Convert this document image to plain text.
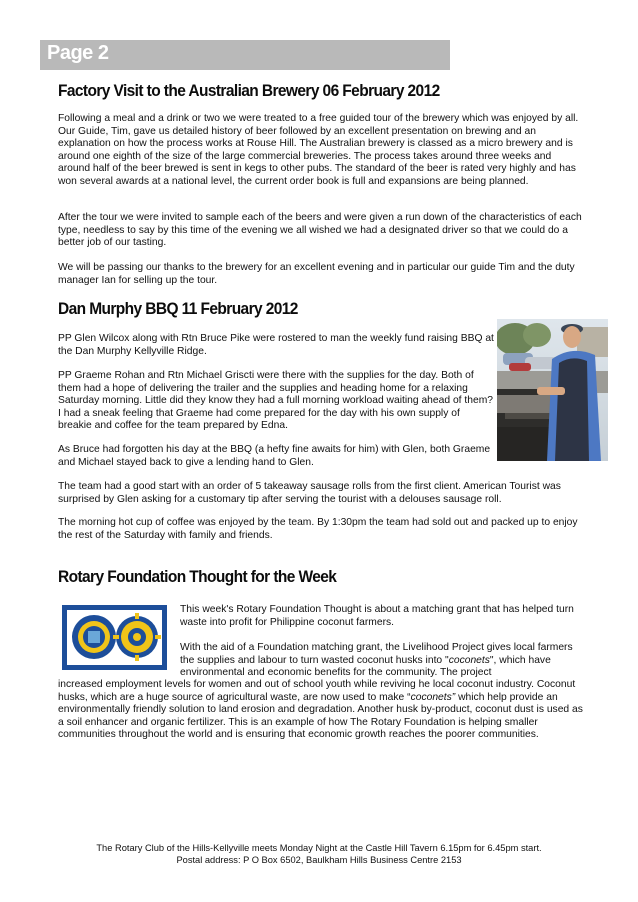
Page 2
Factory Visit to the Australian Brewery 06 February 2012

Following a meal and a drink or two we were treated to a free guided tour of the brewery which was enjoyed by all. Our Guide, Tim, gave us detailed history of beer followed by an excellent presentation on brewing and an explanation on how the process works at Rouse Hill. The Australian brewery is classed as a micro brewery and is around one eighth of the size of the large commercial breweries. The process takes around three weeks and around half of the beer brewed is sent in kegs to other pubs. The standard of the beer is rated very highly and has won several awards at a national level, the current order book is full and expansions are being planned.

After the tour we were invited to sample each of the beers and were given a run down of the characteristics of each type, needless to say by this time of the evening we all wished we had a designated driver so that we could do a better job of our tasting.

We will be passing our thanks to the brewery for an excellent evening and in particular our guide Tim and the duty manager Ian for selling up the tour.

Dan Murphy BBQ 11 February 2012

PP Glen Wilcox along with Rtn Bruce Pike were rostered to man the weekly fund raising BBQ at the Dan Murphy Kellyville Ridge.

PP Graeme Rohan and Rtn Michael Griscti were there with the supplies for the day. Both of them had a hope of delivering the trailer and the supplies and heading home for a relaxing Saturday morning. Little did they know they had a full morning workload waiting ahead of them? I had a sneak feeling that Graeme had come prepared for the day with his own supply of breakie and coffee for the team prepared by Edna.

As Bruce had forgotten his day at the BBQ (a hefty fine awaits for him) with Glen, both Graeme and Michael stayed back to give a lending hand to Glen.

The team had a good start with an order of 5 takeaway sausage rolls from the first client. American Tourist was surprised by Glen asking for a customary tip after serving the tourist with a delouses sausage roll.

The morning hot cup of coffee was enjoyed by the team. By 1:30pm the team had sold out and packed up to enjoy the rest of the Saturday with family and friends.

Rotary Foundation Thought for the Week

This week's Rotary Foundation Thought is about a matching grant that has helped turn waste into profit for Philippine coconut farmers.

With the aid of a Foundation matching grant, the Livelihood Project gives local farmers the supplies and labour to turn wasted coconut husks into "coconets", which have environmental and economic benefits for the community. The project

increased employment levels for women and out of school youth while reviving he local coconut industry. Coconut husks, which are a huge source of agricultural waste, are now used to make “coconets” which help provide an environmentally friendly solution to land erosion and degradation. Another husk by-product, coconut dust is used as a soil enhancer and organic fertilizer. This is an example of how The Rotary Foundation is helping smaller communities throughout the world and is ensuring that economic growth reaches the poorer communities.

The Rotary Club of the Hills-Kellyville meets Monday Night at the Castle Hill Tavern 6.15pm for 6.45pm start.
Postal address: P O Box 6502, Baulkham Hills Business Centre 2153
